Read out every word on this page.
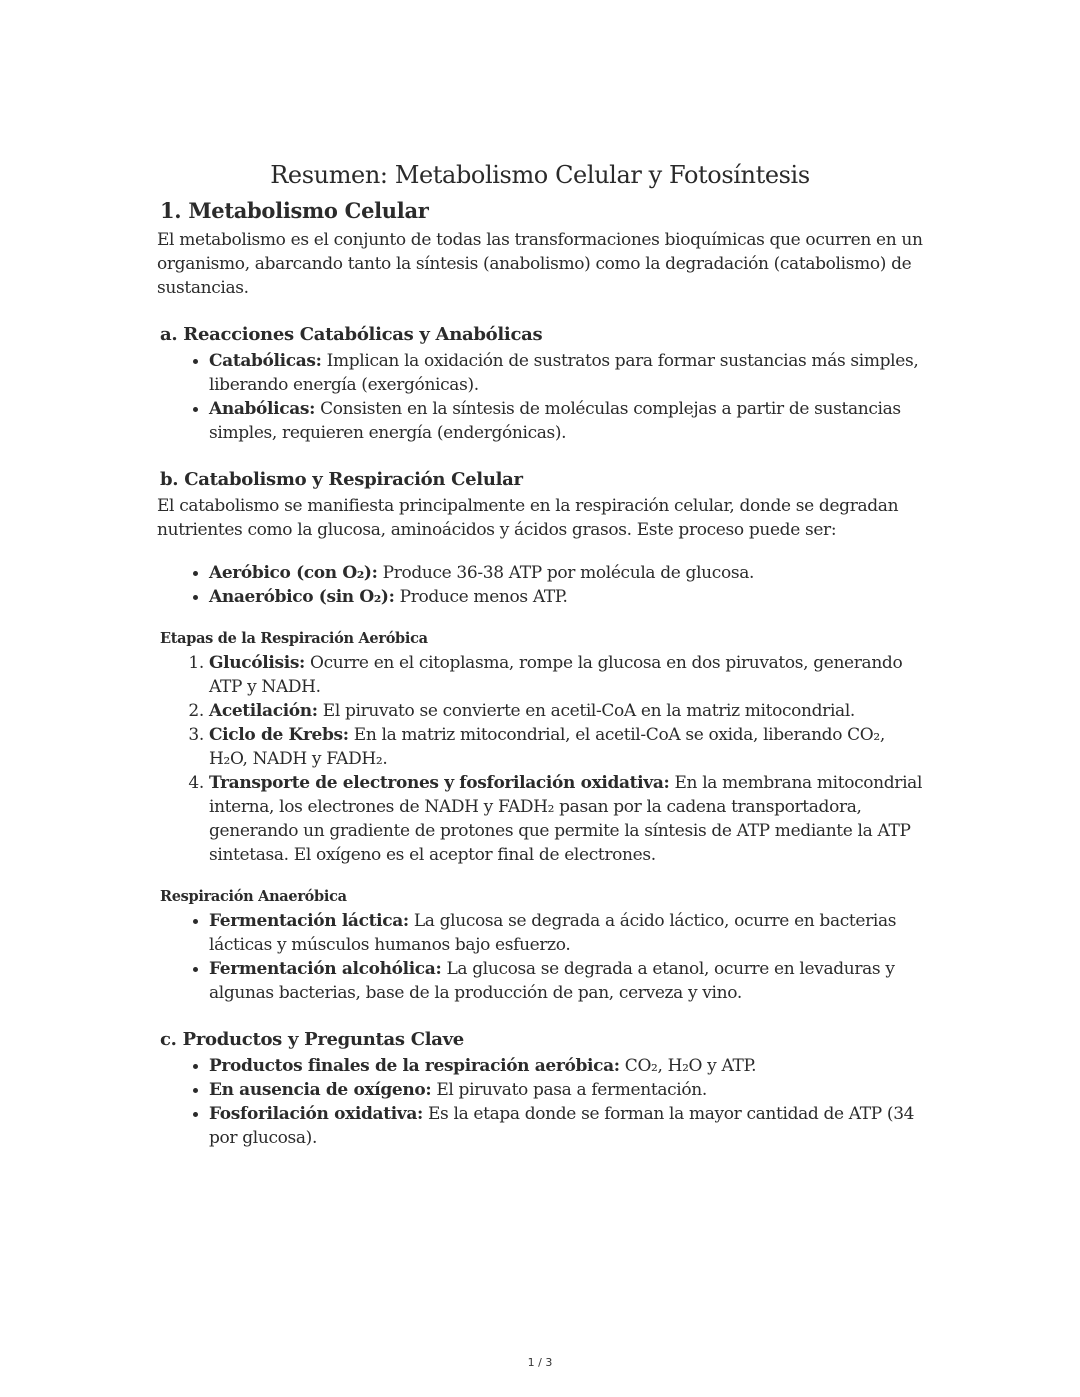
Resumen: Metabolismo Celular y Fotosíntesis
1. Metabolismo Celular

El metabolismo es el conjunto de todas las transformaciones bioquímicas que ocurren en un organismo, abarcando tanto la síntesis (anabolismo) como la degradación (catabolismo) de sustancias.

a. Reacciones Catabólicas y Anabólicas
• Catabólicas: Implican la oxidación de sustratos para formar sustancias más simples, liberando energía (exergónicas).
• Anabólicas: Consisten en la síntesis de moléculas complejas a partir de sustancias simples, requieren energía (endergónicas).
b. Catabolismo y Respiración Celular

El catabolismo se manifiesta principalmente en la respiración celular, donde se degradan nutrientes como la glucosa, aminoácidos y ácidos grasos. Este proceso puede ser:

• Aeróbico (con O₂): Produce 36-38 ATP por molécula de glucosa.
• Anaeróbico (sin O₂): Produce menos ATP.
Etapas de la Respiración Aeróbica
1. Glucólisis: Ocurre en el citoplasma, rompe la glucosa en dos piruvatos, generando ATP y NADH.
2. Acetilación: El piruvato se convierte en acetil-CoA en la matriz mitocondrial.
3. Ciclo de Krebs: En la matriz mitocondrial, el acetil-CoA se oxida, liberando CO₂, H₂O, NADH y FADH₂.
4. Transporte de electrones y fosforilación oxidativa: En la membrana mitocondrial interna, los electrones de NADH y FADH₂ pasan por la cadena transportadora, generando un gradiente de protones que permite la síntesis de ATP mediante la ATP sintetasa. El oxígeno es el aceptor final de electrones.
Respiración Anaeróbica
• Fermentación láctica: La glucosa se degrada a ácido láctico, ocurre en bacterias lácticas y músculos humanos bajo esfuerzo.
• Fermentación alcohólica: La glucosa se degrada a etanol, ocurre en levaduras y algunas bacterias, base de la producción de pan, cerveza y vino.
c. Productos y Preguntas Clave
• Productos finales de la respiración aeróbica: CO₂, H₂O y ATP.
• En ausencia de oxígeno: El piruvato pasa a fermentación.
• Fosforilación oxidativa: Es la etapa donde se forman la mayor cantidad de ATP (34 por glucosa).
1 / 3
